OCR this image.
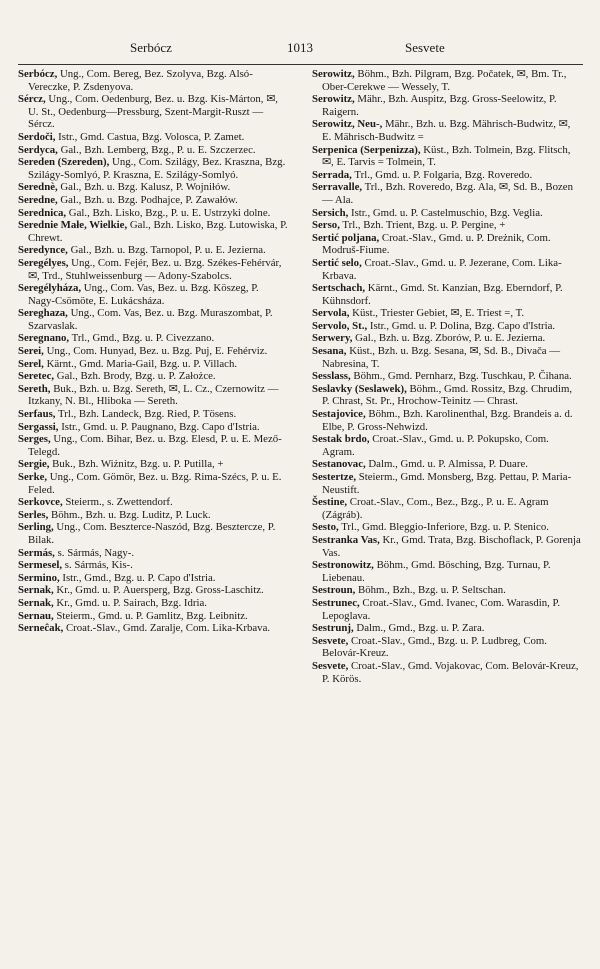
Serbócz	1013	Sesvete

Serbócz, Ung., Com. Bereg, Bez. Szolyva, Bzg. Alsó-Vereczke, P. Zsdenyova.

Sércz, Ung., Com. Oedenburg, Bez. u. Bzg. Kis-Márton, ✉, U. St., Oedenburg—Pressburg, Szent-Margit-Ruszt — Sércz.

Serdoči, Istr., Gmd. Castua, Bzg. Volosca, P. Zamet.

Serdyca, Gal., Bzh. Lemberg, Bzg., P. u. E. Szczerzec.

Sereden (Szereden), Ung., Com. Szilágy, Bez. Kraszna, Bzg. Szilágy-Somlyó, P. Kraszna, E. Szilágy-Somlyó.

Serednè, Gal., Bzh. u. Bzg. Kalusz, P. Wojniłów.

Seredne, Gal., Bzh. u. Bzg. Podhajce, P. Zawałów.

Serednica, Gal., Bzh. Lisko, Bzg., P. u. E. Ustrzyki dolne.

Serednie Małe, Wielkie, Gal., Bzh. Lisko, Bzg. Lutowiska, P. Chrewt.

Seredynce, Gal., Bzh. u. Bzg. Tarnopol, P. u. E. Jezierna.

Seregélyes, Ung., Com. Fejér, Bez. u. Bzg. Székes-Fehérvár, ✉, Trd., Stuhlweissenburg — Adony-Szabolcs.

Seregélyháza, Ung., Com. Vas, Bez. u. Bzg. Köszeg, P. Nagy-Csömöte, E. Lukácsháza.

Sereghaza, Ung., Com. Vas, Bez. u. Bzg. Muraszombat, P. Szarvaslak.

Seregnano, Trl., Gmd., Bzg. u. P. Civezzano.

Serei, Ung., Com. Hunyad, Bez. u. Bzg. Puj, E. Fehérviz.

Serel, Kärnt., Gmd. Maria-Gail, Bzg. u. P. Villach.

Seretec, Gal., Bzh. Brody, Bzg. u. P. Założce.

Sereth, Buk., Bzh. u. Bzg. Sereth, ✉, L. Cz., Czernowitz — Itzkany, N. Bl., Hliboka — Sereth.

Serfaus, Trl., Bzh. Landeck, Bzg. Ried, P. Tösens.

Sergassi, Istr., Gmd. u. P. Paugnano, Bzg. Capo d'Istria.

Serges, Ung., Com. Bihar, Bez. u. Bzg. Elesd, P. u. E. Mező-Telegd.

Sergie, Buk., Bzh. Wiżnitz, Bzg. u. P. Putilla, +

Serke, Ung., Com. Gömör, Bez. u. Bzg. Rima-Szécs, P. u. E. Feled.

Serkovce, Steierm., s. Zwettendorf.

Serles, Böhm., Bzh. u. Bzg. Luditz, P. Luck.

Serling, Ung., Com. Beszterce-Naszód, Bzg. Besztercze, P. Bilak.

Sermás, s. Sármás, Nagy-.

Sermesel, s. Sármás, Kis-.

Sermino, Istr., Gmd., Bzg. u. P. Capo d'Istria.

Sernak, Kr., Gmd. u. P. Auersperg, Bzg. Gross-Laschitz.

Sernak, Kr., Gmd. u. P. Sairach, Bzg. Idria.

Sernau, Steierm., Gmd. u. P. Gamlitz, Bzg. Leibnitz.

Serneĉak, Croat.-Slav., Gmd. Zaralje, Com. Lika-Krbava.

Serowitz, Böhm., Bzh. Pilgram, Bzg. Počatek, ✉, Bm. Tr., Ober-Cerekwe — Wessely, T.

Serowitz, Mähr., Bzh. Auspitz, Bzg. Gross-Seelowitz, P. Raigern.

Serowitz, Neu-, Mähr., Bzh. u. Bzg. Mährisch-Budwitz, ✉, E. Mährisch-Budwitz =

Serpenica (Serpenizza), Küst., Bzh. Tolmein, Bzg. Flitsch, ✉, E. Tarvis = Tolmein, T.

Serrada, Trl., Gmd. u. P. Folgaria, Bzg. Roveredo.

Serravalle, Trl., Bzh. Roveredo, Bzg. Ala, ✉, Sd. B., Bozen — Ala.

Sersich, Istr., Gmd. u. P. Castelmuschio, Bzg. Veglia.

Serso, Trl., Bzh. Trient, Bzg. u. P. Pergine, +

Sertić poljana, Croat.-Slav., Gmd. u. P. Dreżnik, Com. Modruš-Fiume.

Sertić selo, Croat.-Slav., Gmd. u. P. Jezerane, Com. Lika-Krbava.

Sertschach, Kärnt., Gmd. St. Kanzian, Bzg. Eberndorf, P. Kühnsdorf.

Servola, Küst., Triester Gebiet, ✉, E. Triest =, T.

Servolo, St., Istr., Gmd. u. P. Dolina, Bzg. Capo d'Istria.

Serwery, Gal., Bzh. u. Bzg. Zborów, P. u. E. Jezierna.

Sesana, Küst., Bzh. u. Bzg. Sesana, ✉, Sd. B., Divača — Nabresina, T.

Sesslass, Böhm., Gmd. Pernharz, Bzg. Tuschkau, P. Čihana.

Seslavky (Seslawek), Böhm., Gmd. Rossitz, Bzg. Chrudim, P. Chrast, St. Pr., Hrochow-Teinitz — Chrast.

Sestajovice, Böhm., Bzh. Karolinenthal, Bzg. Brandeis a. d. Elbe, P. Gross-Nehwizd.

Sestak brdo, Croat.-Slav., Gmd. u. P. Pokupsko, Com. Agram.

Sestanovac, Dalm., Gmd. u. P. Almissa, P. Duare.

Sestertze, Steierm., Gmd. Monsberg, Bzg. Pettau, P. Maria-Neustift.

Šestine, Croat.-Slav., Com., Bez., Bzg., P. u. E. Agram (Zágráb).

Sesto, Trl., Gmd. Bleggio-Inferiore, Bzg. u. P. Stenico.

Sestranka Vas, Kr., Gmd. Trata, Bzg. Bischoflack, P. Gorenja Vas.

Sestronowitz, Böhm., Gmd. Bösching, Bzg. Turnau, P. Liebenau.

Sestroun, Böhm., Bzh., Bzg. u. P. Seltschan.

Sestrunec, Croat.-Slav., Gmd. Ivanec, Com. Warasdin, P. Lepoglava.

Sestrunj, Dalm., Gmd., Bzg. u. P. Zara.

Sesvete, Croat.-Slav., Gmd., Bzg. u. P. Ludbreg, Com. Belovár-Kreuz.

Sesvete, Croat.-Slav., Gmd. Vojakovac, Com. Belovár-Kreuz, P. Körös.
